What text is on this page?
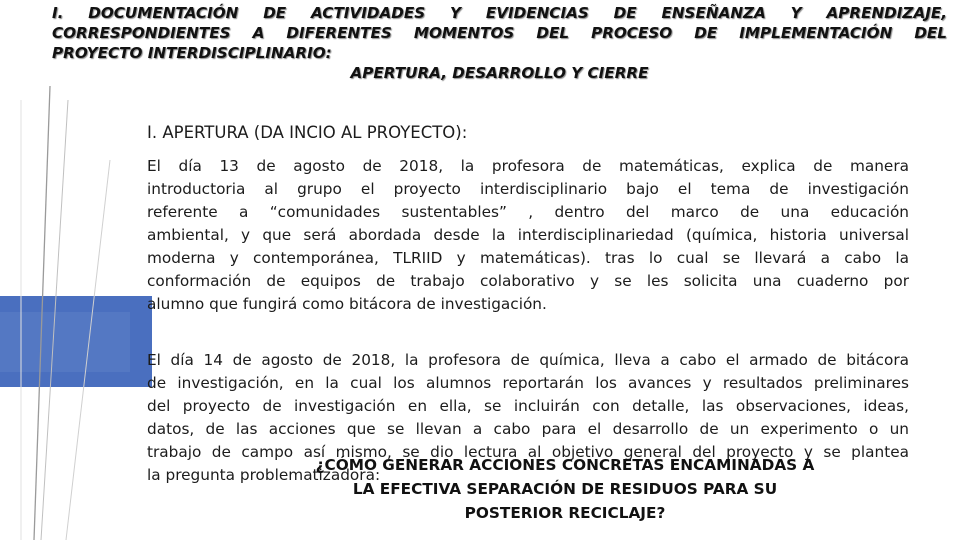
I. DOCUMENTACIÓN DE ACTIVIDADES Y EVIDENCIAS DE ENSEÑANZA Y APRENDIZAJE,
CORRESPONDIENTES A DIFERENTES MOMENTOS DEL PROCESO DE IMPLEMENTACIÓN DEL
PROYECTO INTERDISCIPLINARIO:
APERTURA, DESARROLLO Y CIERRE
I. APERTURA (DA INCIO AL PROYECTO):

El día 13 de agosto de 2018, la profesora de matemáticas, explica de manera
introductoria al grupo el proyecto interdisciplinario bajo el tema de investigación
referente a “comunidades sustentables” , dentro del marco de una educación
ambiental, y que será abordada desde la interdisciplinariedad (química, historia universal
moderna y contemporánea, TLRIID y matemáticas). tras lo cual se llevará a cabo la
conformación de equipos de trabajo colaborativo y se les solicita una cuaderno por
alumno que fungirá como bitácora de investigación.

El día 14 de agosto de 2018, la profesora de química, lleva a cabo el armado de bitácora
de investigación, en la cual los alumnos reportarán los avances y resultados preliminares
del proyecto de investigación en ella, se incluirán con detalle, las observaciones, ideas,
datos, de las acciones que se llevan a cabo para el desarrollo de un experimento o un
trabajo de campo así mismo, se dio lectura al objetivo general del proyecto y se plantea
la pregunta problematizadora:

¿CÓMO GENERAR ACCIONES CONCRETAS ENCAMINADAS A
LA EFECTIVA SEPARACIÓN DE RESIDUOS PARA SU
POSTERIOR RECICLAJE?
